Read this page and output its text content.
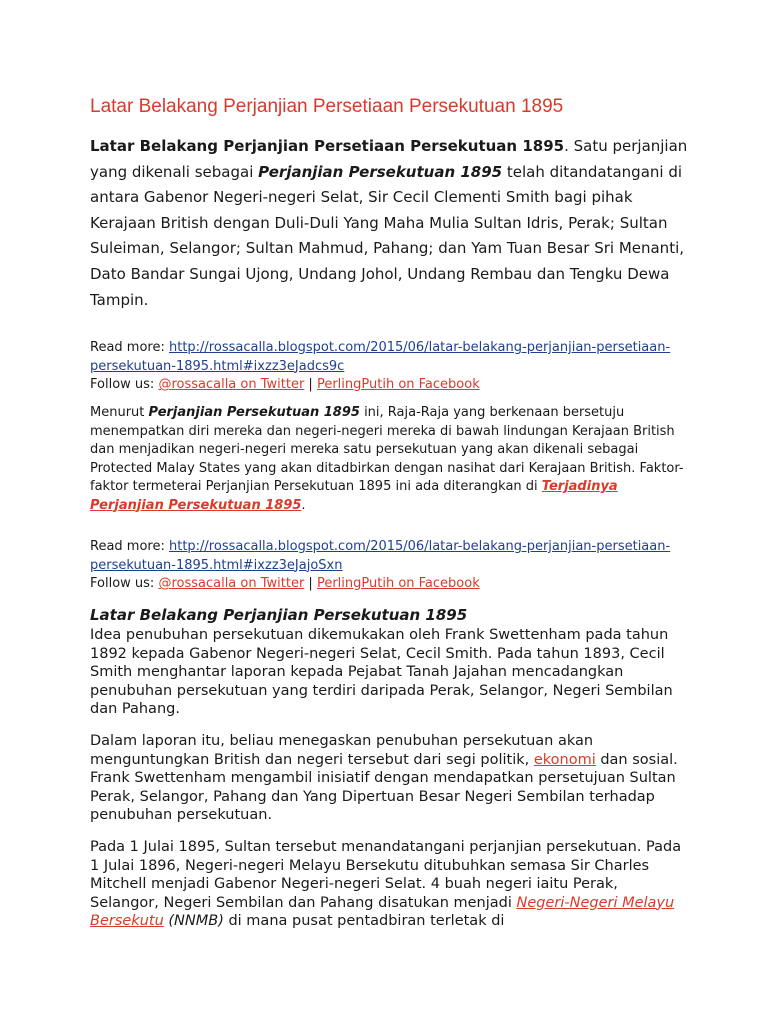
Latar Belakang Perjanjian Persetiaan Persekutuan 1895

Latar Belakang Perjanjian Persetiaan Persekutuan 1895. Satu perjanjian yang dikenali sebagai Perjanjian Persekutuan 1895 telah ditandatangani di antara Gabenor Negeri-negeri Selat, Sir Cecil Clementi Smith bagi pihak Kerajaan British dengan Duli-Duli Yang Maha Mulia Sultan Idris, Perak; Sultan Suleiman, Selangor; Sultan Mahmud, Pahang; dan Yam Tuan Besar Sri Menanti, Dato Bandar Sungai Ujong, Undang Johol, Undang Rembau dan Tengku Dewa Tampin.

Read more: http://rossacalla.blogspot.com/2015/06/latar-belakang-perjanjian-persetiaan-persekutuan-1895.html#ixzz3eJadcs9c
Follow us: @rossacalla on Twitter | PerlingPutih on Facebook

Menurut Perjanjian Persekutuan 1895 ini, Raja-Raja yang berkenaan bersetuju menempatkan diri mereka dan negeri-negeri mereka di bawah lindungan Kerajaan British dan menjadikan negeri-negeri mereka satu persekutuan yang akan dikenali sebagai Protected Malay States yang akan ditadbirkan dengan nasihat dari Kerajaan British. Faktor-faktor termeterai Perjanjian Persekutuan 1895 ini ada diterangkan di Terjadinya Perjanjian Persekutuan 1895.

Read more: http://rossacalla.blogspot.com/2015/06/latar-belakang-perjanjian-persetiaan-persekutuan-1895.html#ixzz3eJajoSxn
Follow us: @rossacalla on Twitter | PerlingPutih on Facebook

Latar Belakang Perjanjian Persekutuan 1895

Idea penubuhan persekutuan dikemukakan oleh Frank Swettenham pada tahun 1892 kepada Gabenor Negeri-negeri Selat, Cecil Smith. Pada tahun 1893, Cecil Smith menghantar laporan kepada Pejabat Tanah Jajahan mencadangkan penubuhan persekutuan yang terdiri daripada Perak, Selangor, Negeri Sembilan dan Pahang.

Dalam laporan itu, beliau menegaskan penubuhan persekutuan akan menguntungkan British dan negeri tersebut dari segi politik, ekonomi dan sosial. Frank Swettenham mengambil inisiatif dengan mendapatkan persetujuan Sultan Perak, Selangor, Pahang dan Yang Dipertuan Besar Negeri Sembilan terhadap penubuhan persekutuan.

Pada 1 Julai 1895, Sultan tersebut menandatangani perjanjian persekutuan. Pada 1 Julai 1896, Negeri-negeri Melayu Bersekutu ditubuhkan semasa Sir Charles Mitchell menjadi Gabenor Negeri-negeri Selat. 4 buah negeri iaitu Perak, Selangor, Negeri Sembilan dan Pahang disatukan menjadi Negeri-Negeri Melayu Bersekutu (NNMB) di mana pusat pentadbiran terletak di
